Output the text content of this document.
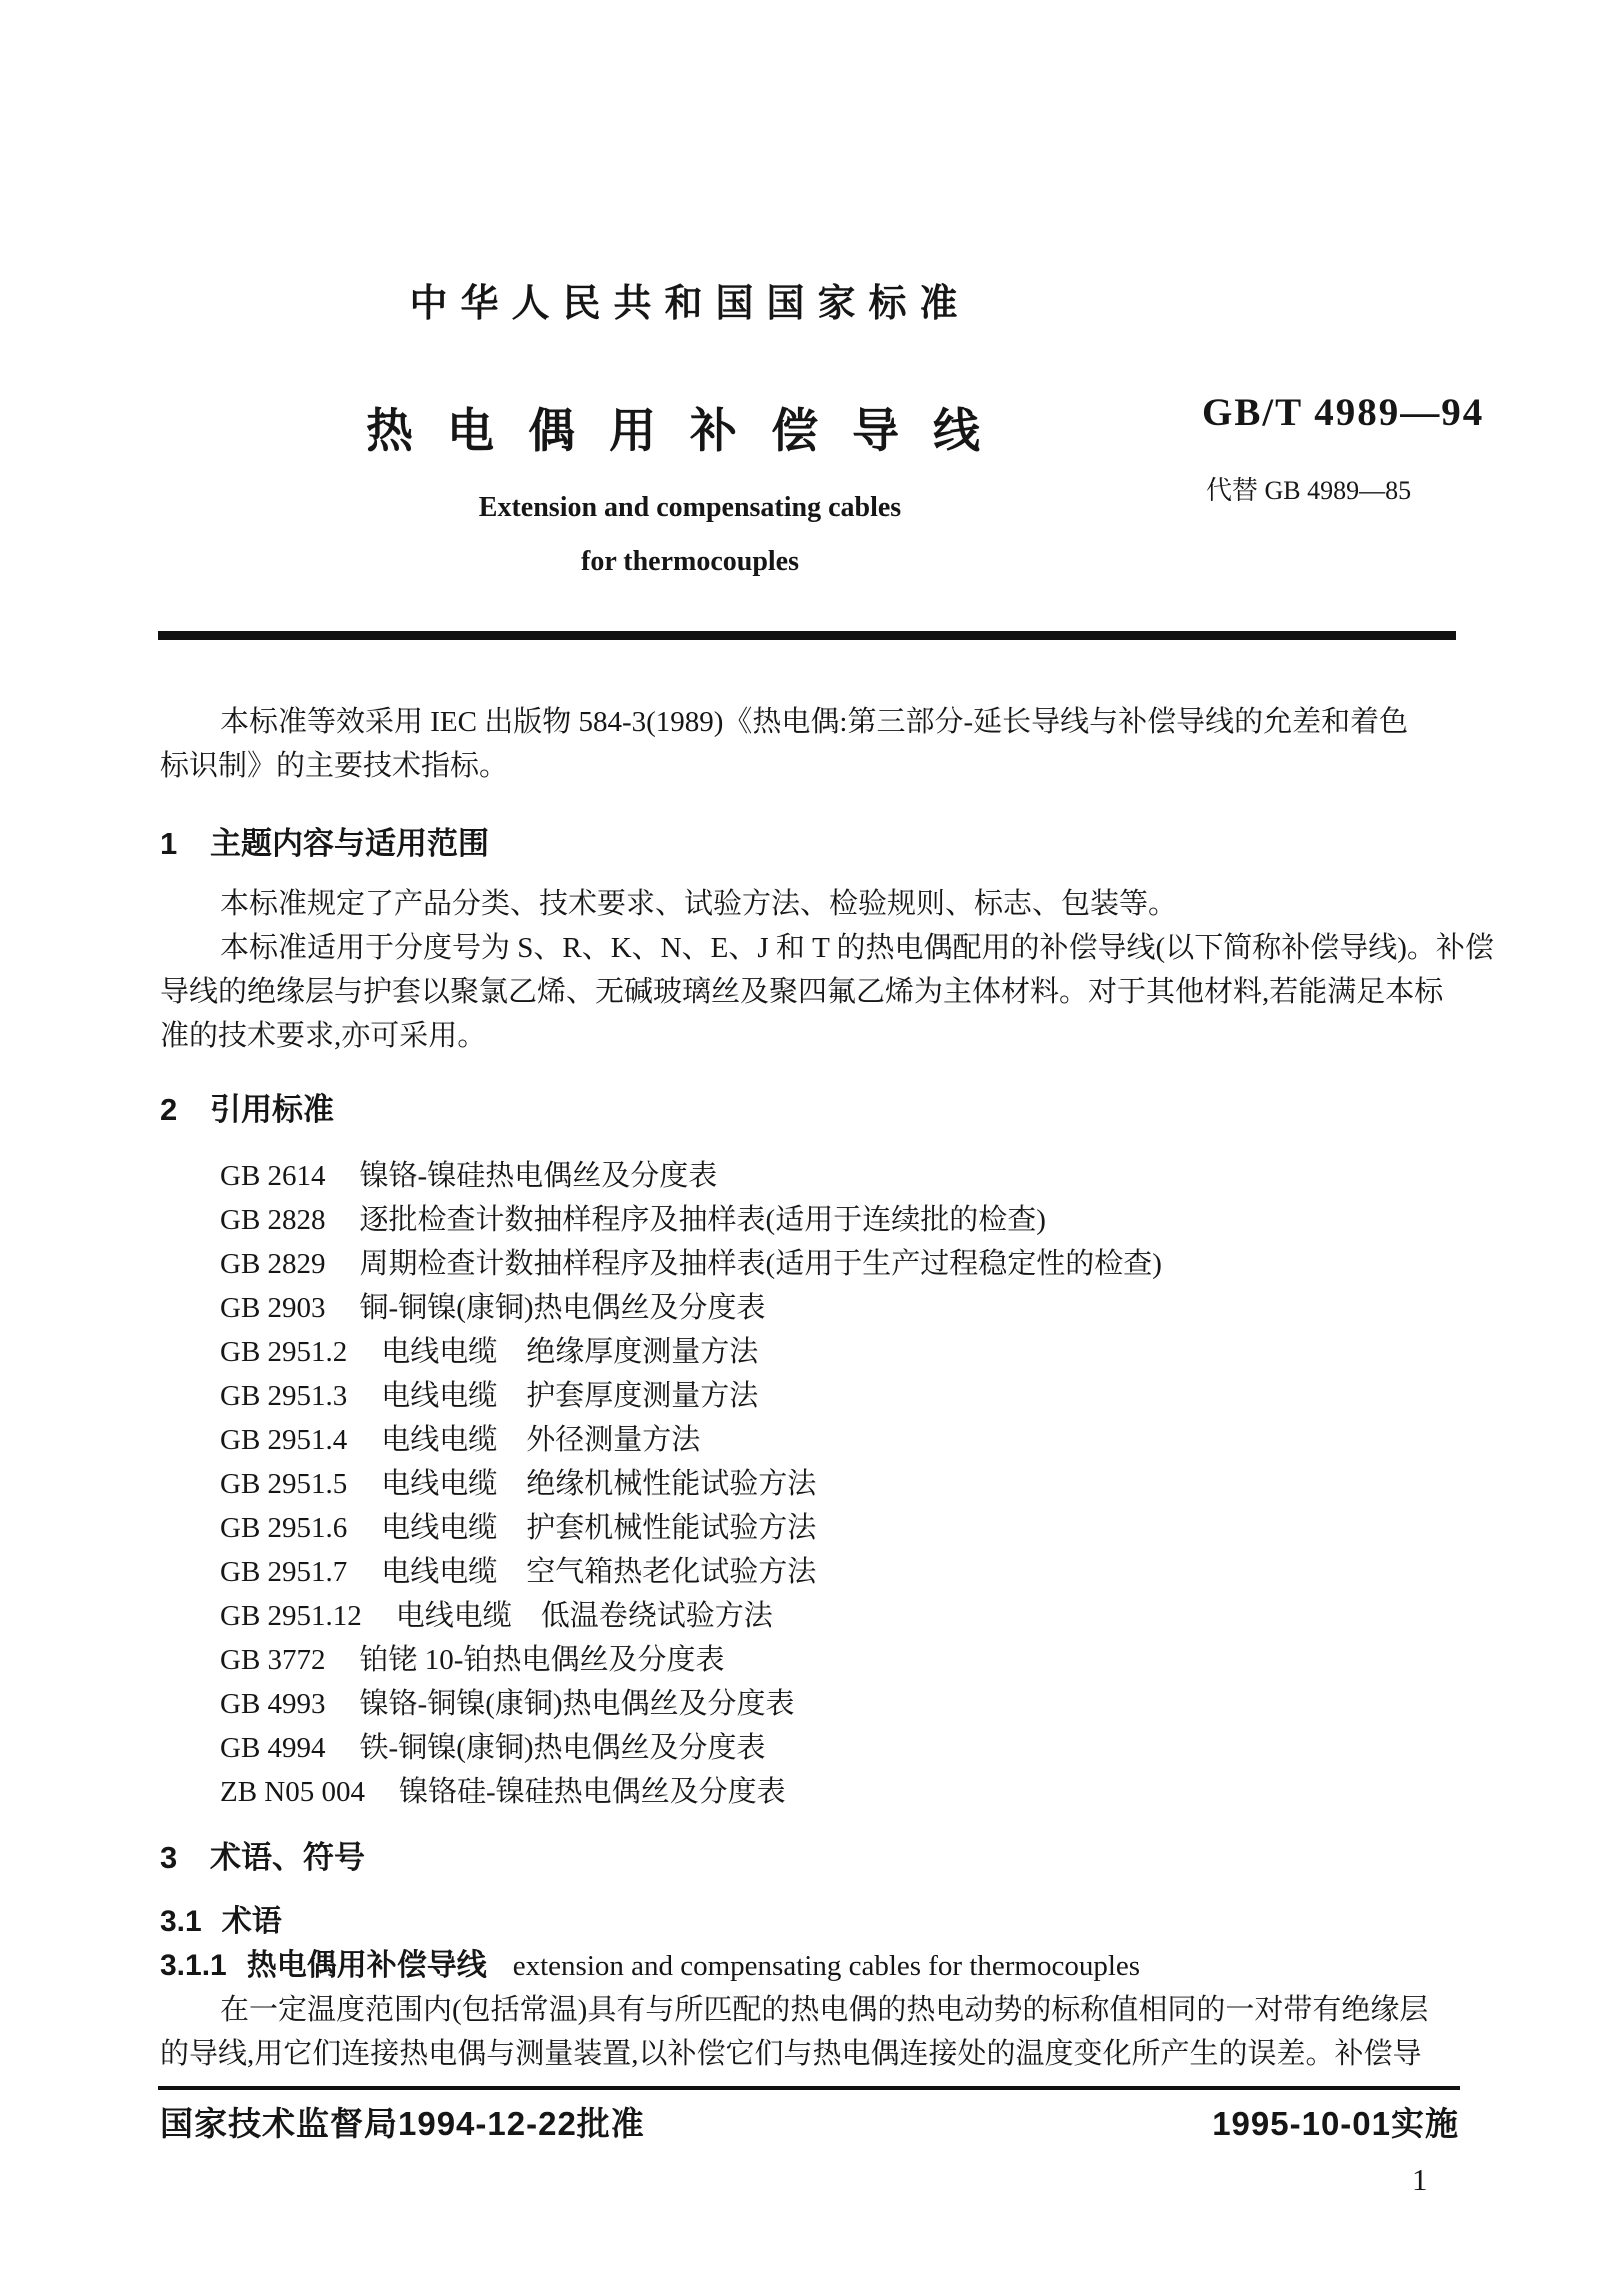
中华人民共和国国家标准
热电偶用补偿导线	GB/T 4989—94
代替 GB 4989—85
Extension and compensating cables
for thermocouples
本标准等效采用 IEC 出版物 584-3(1989)《热电偶:第三部分-延长导线与补偿导线的允差和着色
标识制》的主要技术指标。
1 主题内容与适用范围
本标准规定了产品分类、技术要求、试验方法、检验规则、标志、包装等。
本标准适用于分度号为 S、R、K、N、E、J 和 T 的热电偶配用的补偿导线(以下简称补偿导线)。补偿
导线的绝缘层与护套以聚氯乙烯、无碱玻璃丝及聚四氟乙烯为主体材料。对于其他材料,若能满足本标
准的技术要求,亦可采用。
2 引用标准
GB 2614 镍铬-镍硅热电偶丝及分度表
GB 2828 逐批检查计数抽样程序及抽样表(适用于连续批的检查)
GB 2829 周期检查计数抽样程序及抽样表(适用于生产过程稳定性的检查)
GB 2903 铜-铜镍(康铜)热电偶丝及分度表
GB 2951.2 电线电缆　绝缘厚度测量方法
GB 2951.3 电线电缆　护套厚度测量方法
GB 2951.4 电线电缆　外径测量方法
GB 2951.5 电线电缆　绝缘机械性能试验方法
GB 2951.6 电线电缆　护套机械性能试验方法
GB 2951.7 电线电缆　空气箱热老化试验方法
GB 2951.12 电线电缆　低温卷绕试验方法
GB 3772 铂铑 10-铂热电偶丝及分度表
GB 4993 镍铬-铜镍(康铜)热电偶丝及分度表
GB 4994 铁-铜镍(康铜)热电偶丝及分度表
ZB N05 004 镍铬硅-镍硅热电偶丝及分度表
3 术语、符号
3.1 术语
3.1.1 热电偶用补偿导线 extension and compensating cables for thermocouples
在一定温度范围内(包括常温)具有与所匹配的热电偶的热电动势的标称值相同的一对带有绝缘层
的导线,用它们连接热电偶与测量装置,以补偿它们与热电偶连接处的温度变化所产生的误差。补偿导
国家技术监督局1994-12-22批准	1995-10-01实施
1
